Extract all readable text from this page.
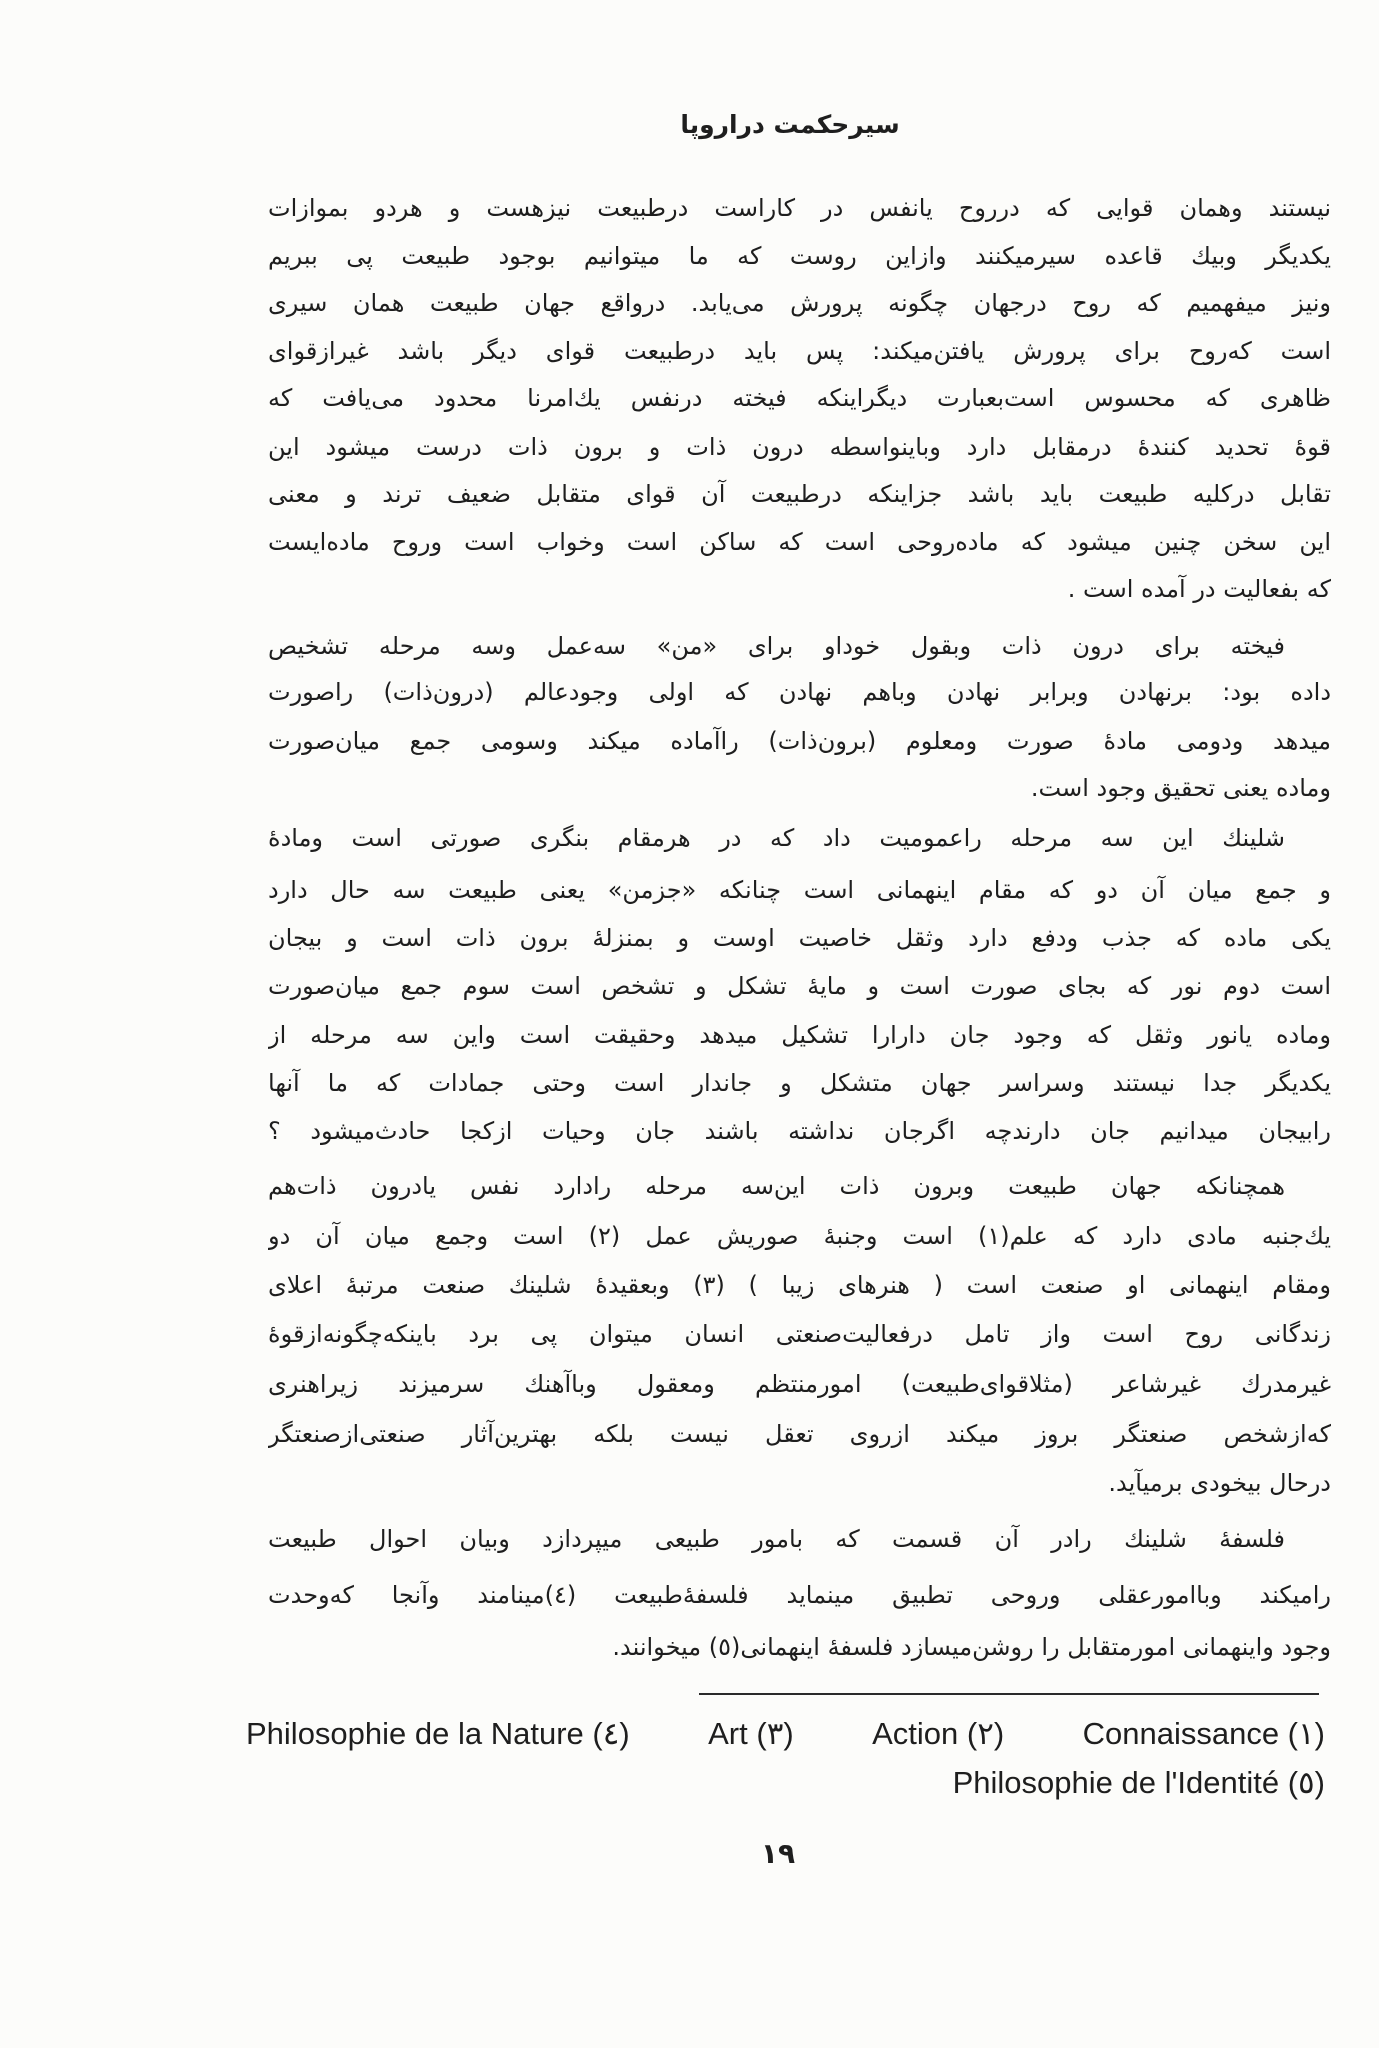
سیرحکمت دراروپا
نیستند وهمان قوایی که درروح یانفس در کاراست درطبیعت نیزهست و هردو بموازات
یکدیگر وبیك قاعده سیرمیکنند وازاین روست که ما میتوانیم بوجود طبیعت پی ببریم
ونیز میفهمیم که روح درجهان چگونه پرورش می‌یابد. درواقع جهان طبیعت همان سیری
است که‌روح برای پرورش یافتن‌میکند: پس باید درطبیعت قوای دیگر باشد غیرازقوای
ظاهری که محسوس است‌بعبارت دیگراینکه فیخته درنفس یك‌امرنا محدود می‌یافت که
قوهٔ تحدید کنندهٔ درمقابل دارد وباینواسطه درون ذات و برون ذات درست میشود این
تقابل درکلیه طبیعت باید باشد جزاینکه درطبیعت آن قوای متقابل ضعیف ترند و معنی
این سخن چنین میشود که ماده‌روحی است که ساکن است وخواب است وروح ماده‌ایست
که بفعالیت در آمده است .
فیخته برای درون ذات وبقول خوداو برای «من» سه‌عمل وسه مرحله تشخیص
داده بود: برنهادن وبرابر نهادن وباهم نهادن که اولی وجودعالم (درون‌ذات) راصورت
میدهد ودومی مادهٔ صورت ومعلوم (برون‌ذات) راآماده میکند وسومی جمع میان‌صورت
وماده یعنی تحقیق وجود است.
شلینك این سه مرحله راعمومیت داد که در هرمقام بنگری صورتی است ومادهٔ
و جمع میان آن دو که مقام اینهمانی است چنانکه «جزمن» یعنی طبیعت سه حال دارد
یکی ماده که جذب ودفع دارد وثقل خاصیت اوست و بمنزلهٔ برون ذات است و بیجان
است دوم نور که بجای صورت است و مایهٔ تشکل و تشخص است سوم جمع میان‌صورت
وماده یانور وثقل که وجود جان دارارا تشکیل میدهد وحقیقت است واین سه مرحله از
یکدیگر جدا نیستند وسراسر جهان متشکل و جاندار است وحتی جمادات که ما آنها
رابیجان میدانیم جان دارندچه اگرجان نداشته باشند جان وحیات ازکجا حادث‌میشود ؟
همچنانکه جهان طبیعت وبرون ذات این‌سه مرحله رادارد نفس یادرون ذات‌هم
یك‌جنبه مادی دارد که علم(١) است وجنبهٔ صوریش عمل (٢) است وجمع میان آن دو
ومقام اینهمانی او صنعت است ( هنرهای زیبا ) (٣) وبعقیدهٔ شلینك صنعت مرتبهٔ اعلای
زندگانی روح است واز تامل درفعالیت‌صنعتی انسان میتوان پی برد باینکه‌چگونه‌ازقوهٔ
غیرمدرك غیرشاعر (مثلا‌قوای‌طبیعت) امورمنتظم ومعقول وباآهنك سرمیزند زیراهنری
که‌ازشخص صنعتگر بروز میکند ازروی تعقل نیست بلکه بهترین‌آثار صنعتی‌ازصنعتگر
درحال بیخودی برمیآید.
فلسفهٔ شلینك رادر آن قسمت که بامور طبیعی میپردازد وبیان احوال طبیعت
رامیکند وباامورعقلی وروحی تطبیق مینماید فلسفهٔ‌طبیعت (٤)مینامند وآنجا که‌وحدت
وجود واینهمانی امورمتقابل را روشن‌میسازد فلسفهٔ اینهمانی(٥) میخوانند.
Philosophie de la Nature (٤)	Art (٣)	Action (٢)	Connaissance (١)
Philosophie de l'Identité (٥)
١٩
